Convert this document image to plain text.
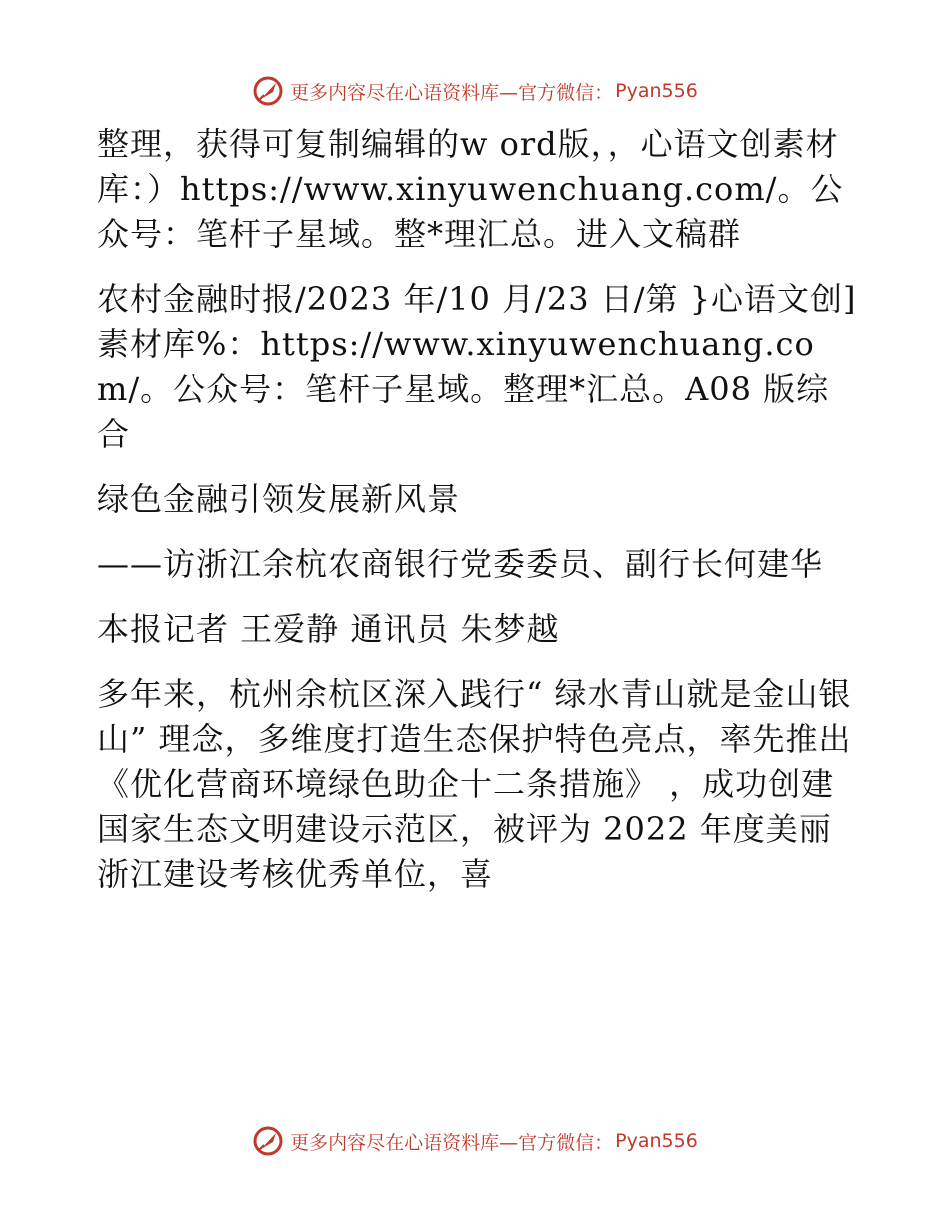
更多内容尽在心语资料库—官方微信： Pyan556

整理，获得可复制编辑的w ord版，，心语文创素材库：）https://www.xinyuwenchuang.com/。公众号：笔杆子星域。整*理汇总。进入文稿群

农村金融时报/2023 年/10 月/23 日/第 }心语文创]素材库%：https://www.xinyuwenchuang.com/。公众号：笔杆子星域。整理*汇总。A08 版综合

绿色金融引领发展新风景

——访浙江余杭农商银行党委委员、副行长何建华

本报记者 王爱静 通讯员 朱梦越

多年来，杭州余杭区深入践行“ 绿水青山就是金山银山” 理念，多维度打造生态保护特色亮点，率先推出《优化营商环境绿色助企十二条措施》 ，成功创建国家生态文明建设示范区，被评为 2022 年度美丽浙江建设考核优秀单位，喜

更多内容尽在心语资料库—官方微信： Pyan556
